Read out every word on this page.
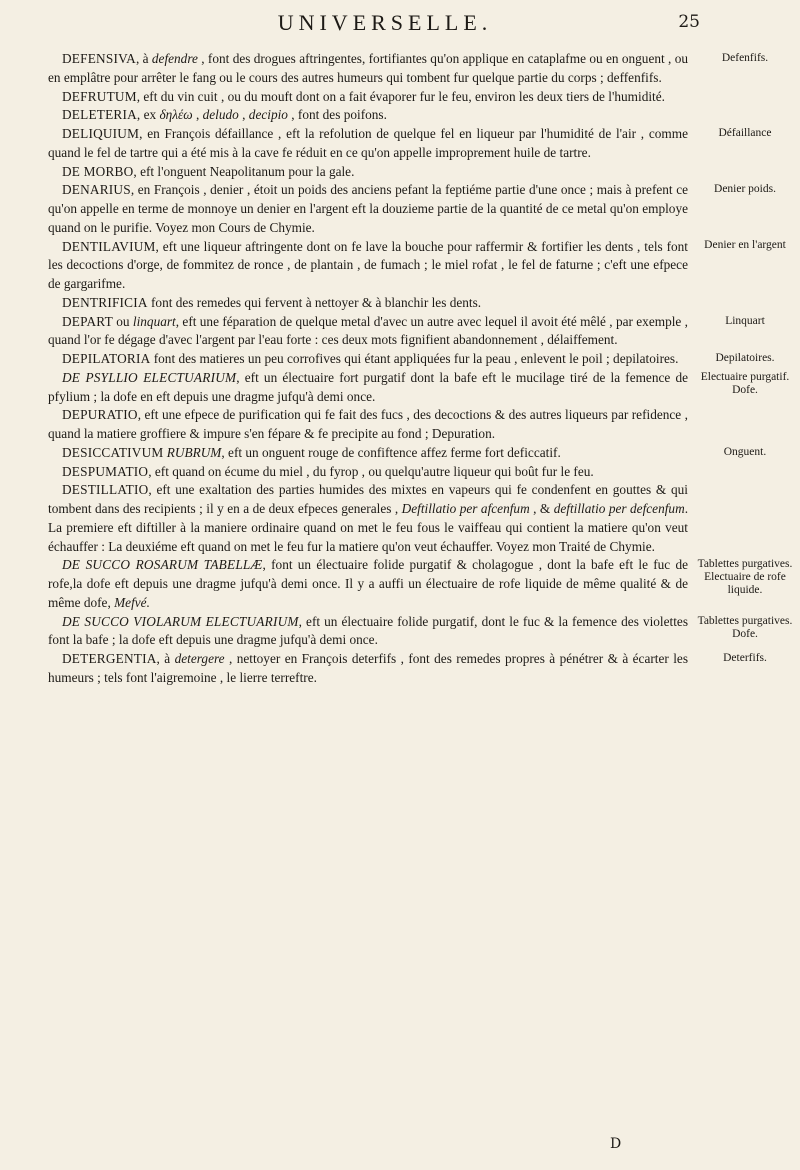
UNIVERSELLE.	25

DEFENSIVA, à defendre , font des drogues aftringentes, fortifiantes qu'on applique en cataplafme ou en onguent , ou en emplâtre pour arrêter le fang ou le cours des autres humeurs qui tombent fur quelque partie du corps ; deffenfifs.

DEFRUTUM, eft du vin cuit , ou du mouft dont on a fait évaporer fur le feu, environ les deux tiers de l'humidité.

DELETERIA, ex δηλέω , deludo , decipio , font des poifons.

DELIQUIUM, en François défaillance , eft la refolution de quelque fel en liqueur par l'humidité de l'air , comme quand le fel de tartre qui a été mis à la cave fe réduit en ce qu'on appelle improprement huile de tartre.

DE MORBO, eft l'onguent Neapolitanum pour la gale.

DENARIUS, en François , denier , étoit un poids des anciens pefant la feptiéme partie d'une once ; mais à prefent ce qu'on appelle en terme de monnoye un denier en l'argent eft la douzieme partie de la quantité de ce metal qu'on employe quand on le purifie. Voyez mon Cours de Chymie.

DENTILAVIUM, eft une liqueur aftringente dont on fe lave la bouche pour raffermir & fortifier les dents , tels font les decoctions d'orge, de fommitez de ronce , de plantain , de fumach ; le miel rofat , le fel de faturne ; c'eft une efpece de gargarifme.

DENTRIFICIA font des remedes qui fervent à nettoyer & à blanchir les dents.

DEPART ou linquart, eft une féparation de quelque metal d'avec un autre avec lequel il avoit été mêlé , par exemple , quand l'or fe dégage d'avec l'argent par l'eau forte : ces deux mots fignifient abandonnement , délaiffement.

DEPILATORIA font des matieres un peu corrofives qui étant appliquées fur la peau , enlevent le poil ; depilatoires.

DE PSYLLIO ELECTUARIUM, eft un électuaire fort purgatif dont la bafe eft le mucilage tiré de la femence de pfylium ; la dofe en eft depuis une dragme jufqu'à demi once.

DEPURATIO, eft une efpece de purification qui fe fait des fucs , des decoctions & des autres liqueurs par refidence , quand la matiere groffiere & impure s'en fépare & fe precipite au fond ; Depuration.

DESICCATIVUM RUBRUM, eft un onguent rouge de confiftence affez ferme fort deficcatif.

DESPUMATIO, eft quand on écume du miel , du fyrop , ou quelqu'autre liqueur qui boût fur le feu.

DESTILLATIO, eft une exaltation des parties humides des mixtes en vapeurs qui fe condenfent en gouttes & qui tombent dans des recipients ; il y en a de deux efpeces generales , Deftillatio per afcenfum , & deftillatio per defcenfum. La premiere eft diftiller à la maniere ordinaire quand on met le feu fous le vaiffeau qui contient la matiere qu'on veut échauffer : La deuxiéme eft quand on met le feu fur la matiere qu'on veut échauffer. Voyez mon Traité de Chymie.

DE SUCCO ROSARUM TABELLÆ, font un électuaire folide purgatif & cholagogue , dont la bafe eft le fuc de rofe,la dofe eft depuis une dragme jufqu'à demi once. Il y a auffi un électuaire de rofe liquide de même qualité & de même dofe, Mefvé.

DE SUCCO VIOLARUM ELECTUARIUM, eft un électuaire folide purgatif, dont le fuc & la femence des violettes font la bafe ; la dofe eft depuis une dragme jufqu'à demi once.

DETERGENTIA, à detergere , nettoyer en François deterfifs , font des remedes propres à pénétrer & à écarter les humeurs ; tels font l'aigremoine , le lierre terreftre.

Defenfifs.
Défaillance
Denier poids.
Denier en l'argent
Linquart
Depilatoires.
Electuaire purgatif. Dofe.
Onguent.
Tablettes purgatives. Electuaire de rofe liquide.
Tablettes purgatives. Dofe.
Deterfifs.
D
